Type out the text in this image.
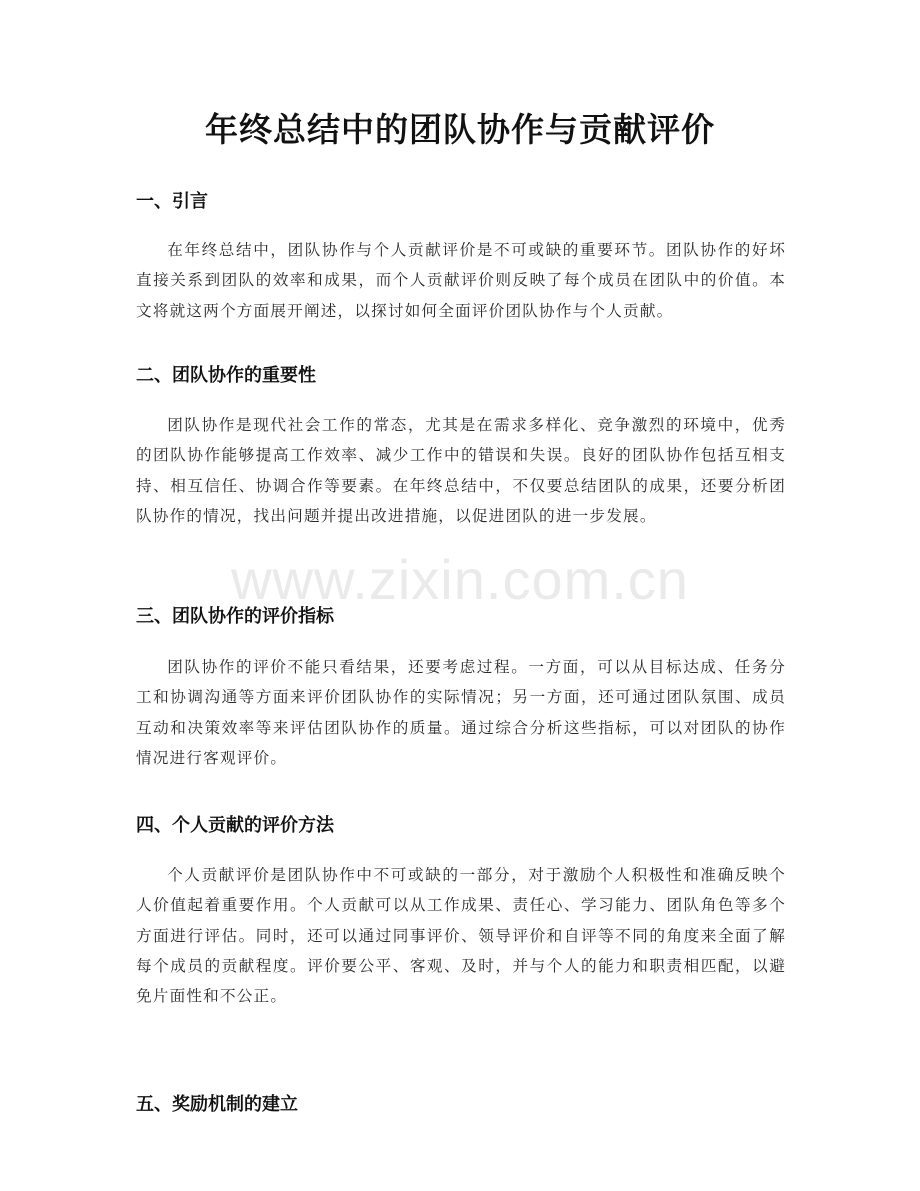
年终总结中的团队协作与贡献评价
一、引言
在年终总结中，团队协作与个人贡献评价是不可或缺的重要环节。团队协作的好坏直接关系到团队的效率和成果，而个人贡献评价则反映了每个成员在团队中的价值。本文将就这两个方面展开阐述，以探讨如何全面评价团队协作与个人贡献。
二、团队协作的重要性
团队协作是现代社会工作的常态，尤其是在需求多样化、竞争激烈的环境中，优秀的团队协作能够提高工作效率、减少工作中的错误和失误。良好的团队协作包括互相支持、相互信任、协调合作等要素。在年终总结中，不仅要总结团队的成果，还要分析团队协作的情况，找出问题并提出改进措施，以促进团队的进一步发展。
三、团队协作的评价指标
团队协作的评价不能只看结果，还要考虑过程。一方面，可以从目标达成、任务分工和协调沟通等方面来评价团队协作的实际情况；另一方面，还可通过团队氛围、成员互动和决策效率等来评估团队协作的质量。通过综合分析这些指标，可以对团队的协作情况进行客观评价。
四、个人贡献的评价方法
个人贡献评价是团队协作中不可或缺的一部分，对于激励个人积极性和准确反映个人价值起着重要作用。个人贡献可以从工作成果、责任心、学习能力、团队角色等多个方面进行评估。同时，还可以通过同事评价、领导评价和自评等不同的角度来全面了解每个成员的贡献程度。评价要公平、客观、及时，并与个人的能力和职责相匹配，以避免片面性和不公正。
五、奖励机制的建立
www.zixin.com.cn
